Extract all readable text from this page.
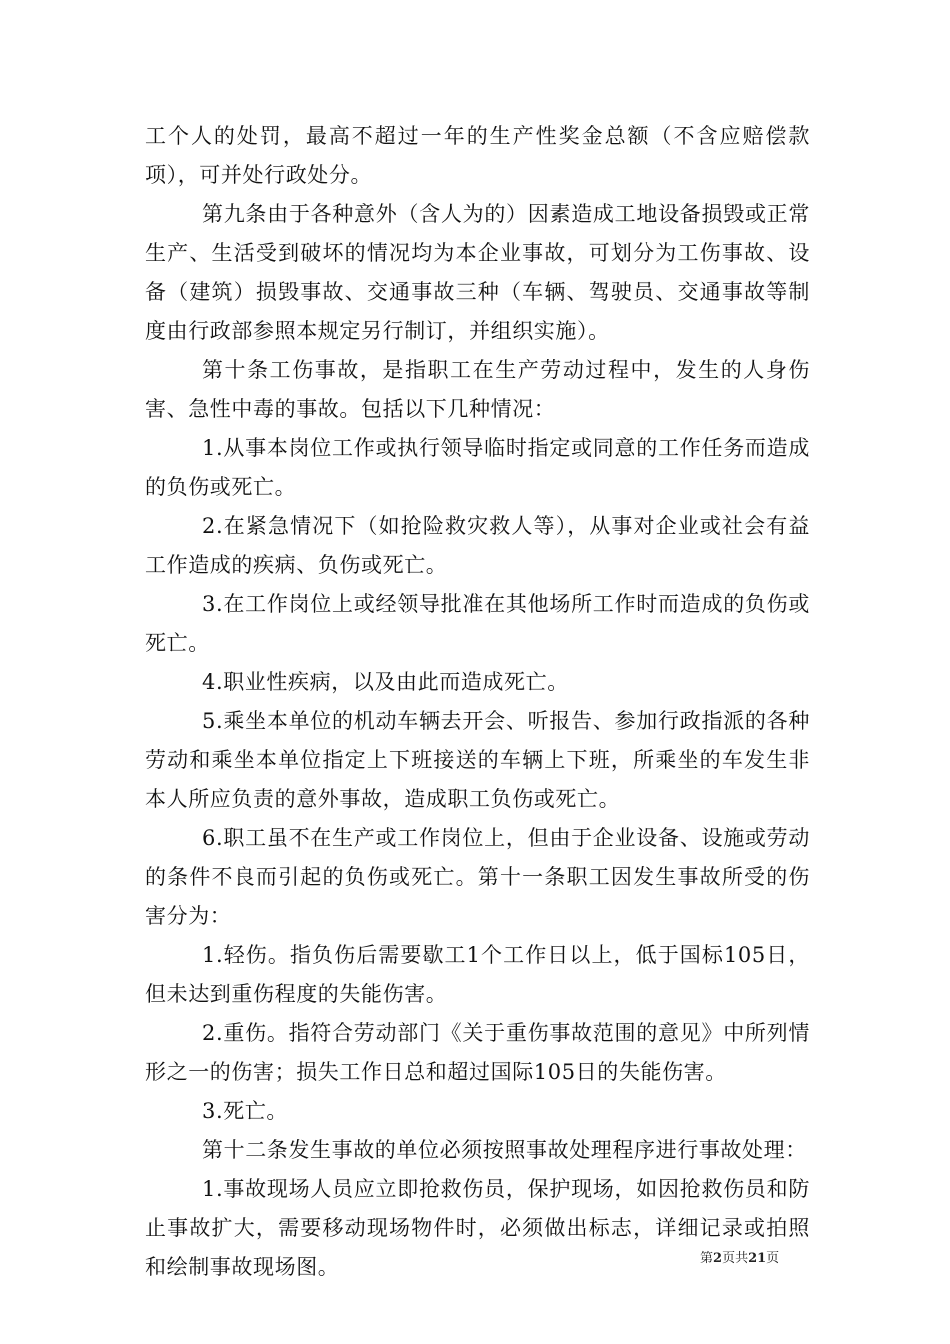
工个人的处罚，最高不超过一年的生产性奖金总额（不含应赔偿款项），可并处行政处分。

第九条由于各种意外（含人为的）因素造成工地设备损毁或正常生产、生活受到破坏的情况均为本企业事故，可划分为工伤事故、设备（建筑）损毁事故、交通事故三种（车辆、驾驶员、交通事故等制度由行政部参照本规定另行制订，并组织实施）。

第十条工伤事故，是指职工在生产劳动过程中，发生的人身伤害、急性中毒的事故。包括以下几种情况：

1.从事本岗位工作或执行领导临时指定或同意的工作任务而造成的负伤或死亡。

2.在紧急情况下（如抢险救灾救人等），从事对企业或社会有益工作造成的疾病、负伤或死亡。

3.在工作岗位上或经领导批准在其他场所工作时而造成的负伤或死亡。

4.职业性疾病，以及由此而造成死亡。

5.乘坐本单位的机动车辆去开会、听报告、参加行政指派的各种劳动和乘坐本单位指定上下班接送的车辆上下班，所乘坐的车发生非本人所应负责的意外事故，造成职工负伤或死亡。

6.职工虽不在生产或工作岗位上，但由于企业设备、设施或劳动的条件不良而引起的负伤或死亡。第十一条职工因发生事故所受的伤害分为：

1.轻伤。指负伤后需要歇工1个工作日以上，低于国标105日，但未达到重伤程度的失能伤害。

2.重伤。指符合劳动部门《关于重伤事故范围的意见》中所列情形之一的伤害；损失工作日总和超过国际105日的失能伤害。

3.死亡。

第十二条发生事故的单位必须按照事故处理程序进行事故处理：

1.事故现场人员应立即抢救伤员，保护现场，如因抢救伤员和防止事故扩大，需要移动现场物件时，必须做出标志，详细记录或拍照和绘制事故现场图。	第2页共21页
